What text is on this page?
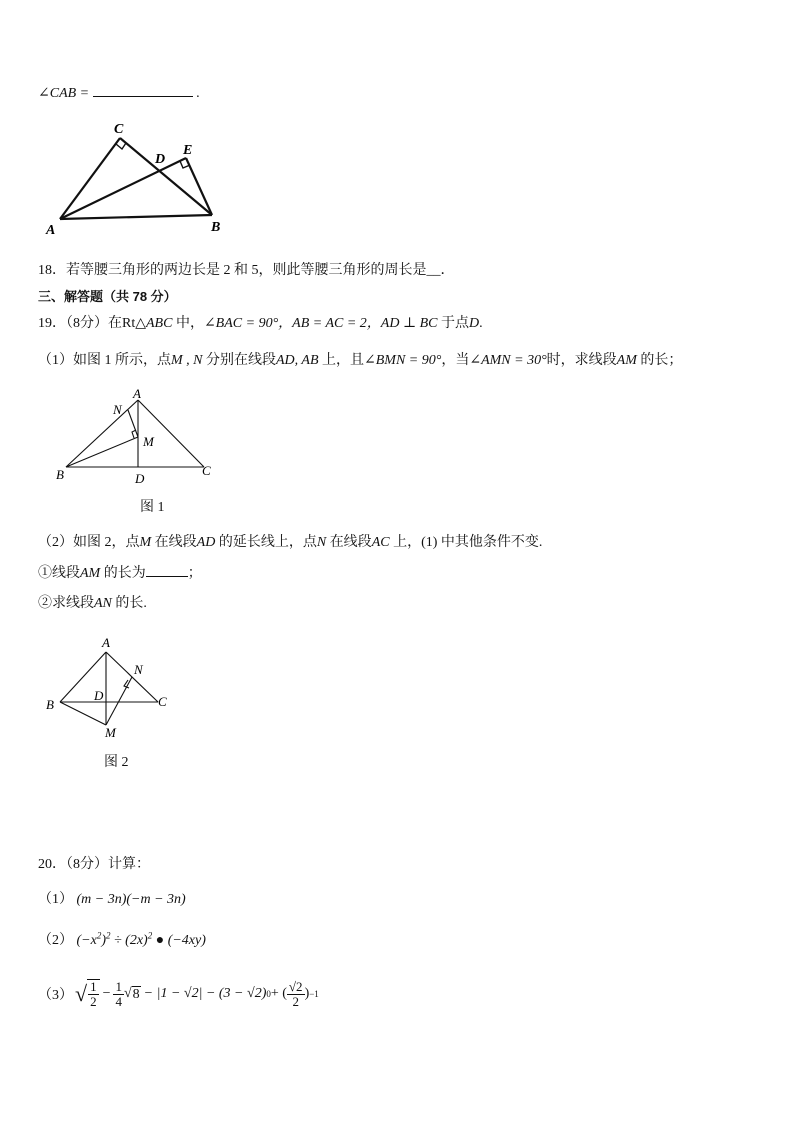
∠CAB =	.
C
D
E
A	B
18．若等腰三角形的两边长是 2 和 5，则此等腰三角形的周长是__．
三、解答题（共 78 分）
19．（8分）在Rt△ABC 中，∠BAC = 90°，AB = AC = 2，AD ⊥ BC 于点D.
（1）如图 1 所示，点M , N 分别在线段AD, AB 上，且∠BMN = 90°，当∠AMN = 30°时，求线段AM 的长；
A
N
M
B	D
C
图 1
（2）如图 2，点M 在线段AD 的延长线上，点N 在线段AC 上，(1) 中其他条件不变.
①线段AM 的长为	；
②求线段AN 的长.
A
N
B
D	C
M
图 2
20．（8分）计算：
（1） (m − 3n)(−m − 3n)
（2） $(-x^2)^2 \div (2x)^2$ ● (−4xy)
（3） √ $\frac{1}{2} - \frac{1}{4}$ √ 8 − |1 − √2| − (3 − √2) 0 + ( $\frac{√2}{2}$ ) −1
